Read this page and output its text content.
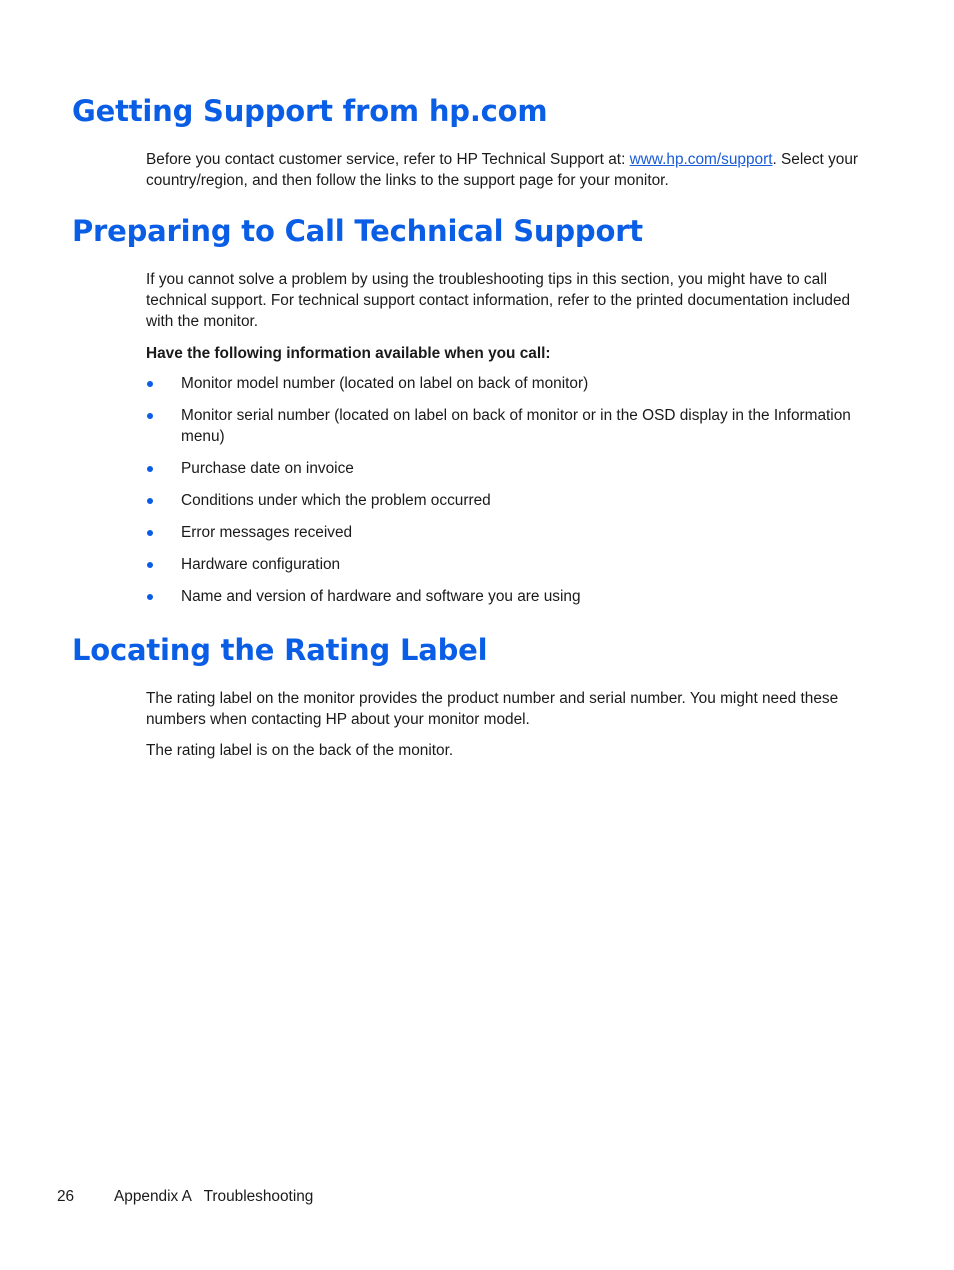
Getting Support from hp.com

Before you contact customer service, refer to HP Technical Support at: www.hp.com/support. Select your country/region, and then follow the links to the support page for your monitor.

Preparing to Call Technical Support

If you cannot solve a problem by using the troubleshooting tips in this section, you might have to call technical support. For technical support contact information, refer to the printed documentation included with the monitor.

Have the following information available when you call:

Monitor model number (located on label on back of monitor)
Monitor serial number (located on label on back of monitor or in the OSD display in the Information menu)
Purchase date on invoice
Conditions under which the problem occurred
Error messages received
Hardware configuration
Name and version of hardware and software you are using
Locating the Rating Label

The rating label on the monitor provides the product number and serial number. You might need these numbers when contacting HP about your monitor model.

The rating label is on the back of the monitor.

26	Appendix A   Troubleshooting
